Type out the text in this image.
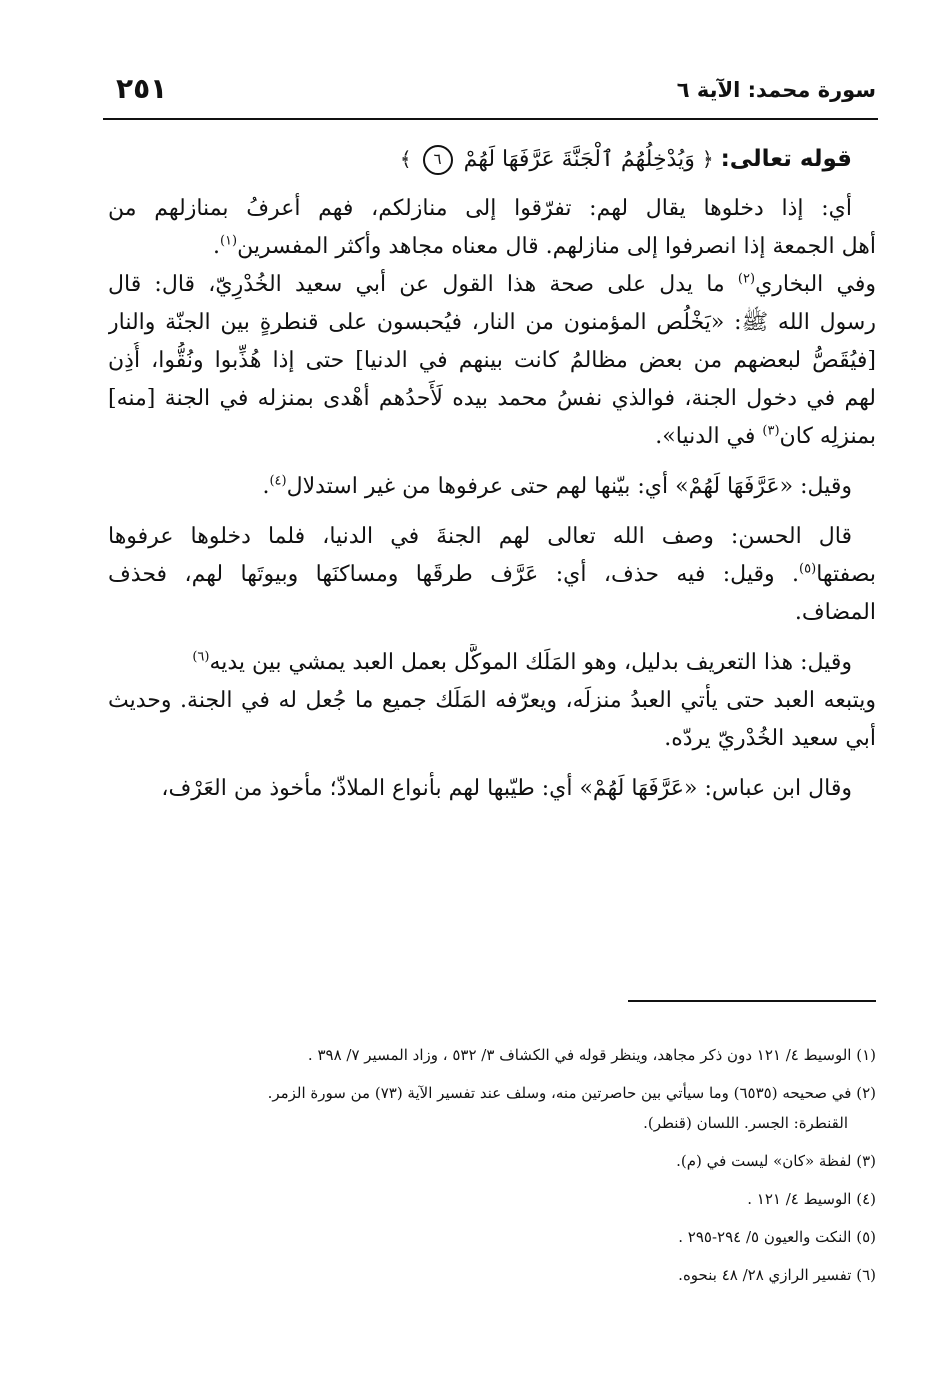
سورة محمد: الآية ٦
٢٥١
قوله تعالى: ﴿ وَيُدْخِلُهُمُ ٱلْجَنَّةَ عَرَّفَهَا لَهُمْ ٦ ﴾
أي: إذا دخلوها يقال لهم: تفرّقوا إلى منازلكم، فهم أعرفُ بمنازلهم من
أهل الجمعة إذا انصرفوا إلى منازلهم. قال معناه مجاهد وأكثر المفسرين$^{(١)}$.
وفي البخاري$^{(٢)}$ ما يدل على صحة هذا القول عن أبي سعيد الخُدْرِيّ، قال: قال
رسول الله ﷺ: «يَخْلُص المؤمنون من النار، فيُحبسون على قنطرةٍ بين الجنّة والنار
[فيُقَصُّ لبعضهم من بعض مظالمُ كانت بينهم في الدنيا] حتى إذا هُذِّبوا ونُقُّوا، أُذِن
لهم في دخول الجنة، فوالذي نفسُ محمد بيده لَأَحدُهم أهْدى بمنزله في الجنة [منه]
بمنزلِه كان$^{(٣)}$ في الدنيا».
وقيل: «عَرَّفَهَا لَهُمْ» أي: بيّنها لهم حتى عرفوها من غير استدلال$^{(٤)}$.
قال الحسن: وصف الله تعالى لهم الجنةَ في الدنيا، فلما دخلوها عرفوها
بصفتها$^{(٥)}$. وقيل: فيه حذف، أي: عَرَّف طرقَها ومساكنَها وبيوتَها لهم، فحذف
المضاف.
وقيل: هذا التعريف بدليل، وهو المَلَك الموكَّل بعمل العبد يمشي بين يديه$^{(٦)}$
ويتبعه العبد حتى يأتي العبدُ منزلَه، ويعرّفه المَلَك جميع ما جُعل له في الجنة. وحديث
أبي سعيد الخُدْريّ يردّه.
وقال ابن عباس: «عَرَّفَهَا لَهُمْ» أي: طيّبها لهم بأنواع الملاذّ؛ مأخوذ من العَرْف،
(١) الوسيط ٤/ ١٢١ دون ذكر مجاهد، وينظر قوله في الكشاف ٣/ ٥٣٢ ، وزاد المسير ٧/ ٣٩٨ .
(٢) في صحيحه (٦٥٣٥) وما سيأتي بين حاصرتين منه، وسلف عند تفسير الآية (٧٣) من سورة الزمر.
القنطرة: الجسر. اللسان (قنطر).
(٣) لفظة «كان» ليست في (م).
(٤) الوسيط ٤/ ١٢١ .
(٥) النكت والعيون ٥/ ٢٩٤-٢٩٥ .
(٦) تفسير الرازي ٢٨/ ٤٨ بنحوه.
